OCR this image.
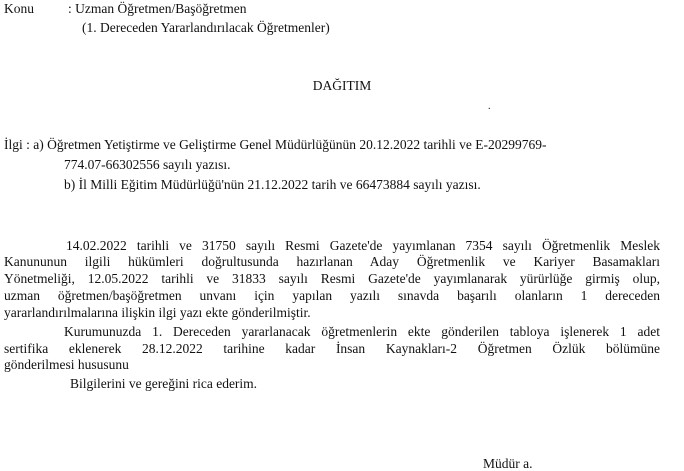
Konu	: Uzman Öğretmen/Başöğretmen
(1. Dereceden Yararlandırılacak Öğretmenler)
DAĞITIM
.
İlgi : a) Öğretmen Yetiştirme ve Geliştirme Genel Müdürlüğünün 20.12.2022 tarihli ve E-20299769-
774.07-66302556 sayılı yazısı.
b) İl Milli Eğitim Müdürlüğü'nün 21.12.2022 tarih ve 66473884 sayılı yazısı.
14.02.2022 tarihli ve 31750 sayılı Resmi Gazete'de yayımlanan 7354 sayılı Öğretmenlik Meslek
Kanununun ilgili hükümleri doğrultusunda hazırlanan Aday Öğretmenlik ve Kariyer Basamakları
Yönetmeliği, 12.05.2022 tarihli ve 31833 sayılı Resmi Gazete'de yayımlanarak yürürlüğe girmiş olup,
uzman öğretmen/başöğretmen unvanı için yapılan yazılı sınavda başarılı olanların 1 dereceden
yararlandırılmalarına ilişkin ilgi yazı ekte gönderilmiştir.
Kurumunuzda 1. Dereceden yararlanacak öğretmenlerin ekte gönderilen tabloya işlenerek 1 adet
sertifika eklenerek 28.12.2022 tarihine kadar İnsan Kaynakları-2 Öğretmen Özlük bölümüne
gönderilmesi hususunu
Bilgilerini ve gereğini rica ederim.
Müdür a.
